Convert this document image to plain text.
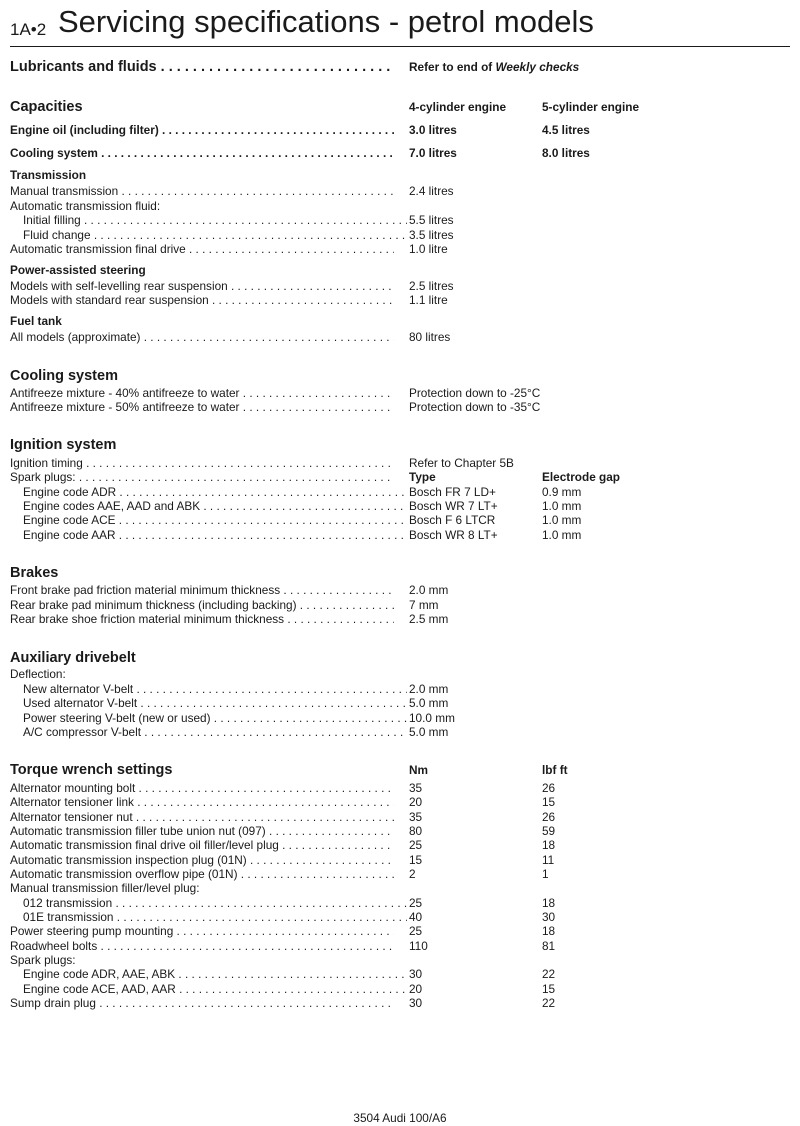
1A•2 Servicing specifications - petrol models
Lubricants and fluids . . .	Refer to end of Weekly checks
Capacities	4-cylinder engine	5-cylinder engine
Engine oil (including filter) . . .	3.0 litres	4.5 litres
Cooling system . . .	7.0 litres	8.0 litres
Transmission
Manual transmission . . .	2.4 litres
Automatic transmission fluid:
Initial filling . . .	5.5 litres
Fluid change . . .	3.5 litres
Automatic transmission final drive . . .	1.0 litre
Power-assisted steering
Models with self-levelling rear suspension . . .	2.5 litres
Models with standard rear suspension . . .	1.1 litre
Fuel tank
All models (approximate) . . .	80 litres
Cooling system
Antifreeze mixture - 40% antifreeze to water . . .	Protection down to -25°C
Antifreeze mixture - 50% antifreeze to water . . .	Protection down to -35°C
Ignition system
Ignition timing . . .	Refer to Chapter 5B
Spark plugs: . . .	Type	Electrode gap
Engine code ADR . . .	Bosch FR 7 LD+	0.9 mm
Engine codes AAE, AAD and ABK . . .	Bosch WR 7 LT+	1.0 mm
Engine code ACE . . .	Bosch F 6 LTCR	1.0 mm
Engine code AAR . . .	Bosch WR 8 LT+	1.0 mm
Brakes
Front brake pad friction material minimum thickness . . .	2.0 mm
Rear brake pad minimum thickness (including backing) . . .	7 mm
Rear brake shoe friction material minimum thickness . . .	2.5 mm
Auxiliary drivebelt
Deflection:
New alternator V-belt . . .	2.0 mm
Used alternator V-belt . . .	5.0 mm
Power steering V-belt (new or used) . . .	10.0 mm
A/C compressor V-belt . . .	5.0 mm
Torque wrench settings	Nm	lbf ft
Alternator mounting bolt . . .	35	26
Alternator tensioner link . . .	20	15
Alternator tensioner nut . . .	35	26
Automatic transmission filler tube union nut (097) . . .	80	59
Automatic transmission final drive oil filler/level plug . . .	25	18
Automatic transmission inspection plug (01N) . . .	15	11
Automatic transmission overflow pipe (01N) . . .	2	1
Manual transmission filler/level plug:
012 transmission . . .	25	18
01E transmission . . .	40	30
Power steering pump mounting . . .	25	18
Roadwheel bolts . . .	110	81
Spark plugs:
Engine code ADR, AAE, ABK . . .	30	22
Engine code ACE, AAD, AAR . . .	20	15
Sump drain plug . . .	30	22
3504 Audi 100/A6
